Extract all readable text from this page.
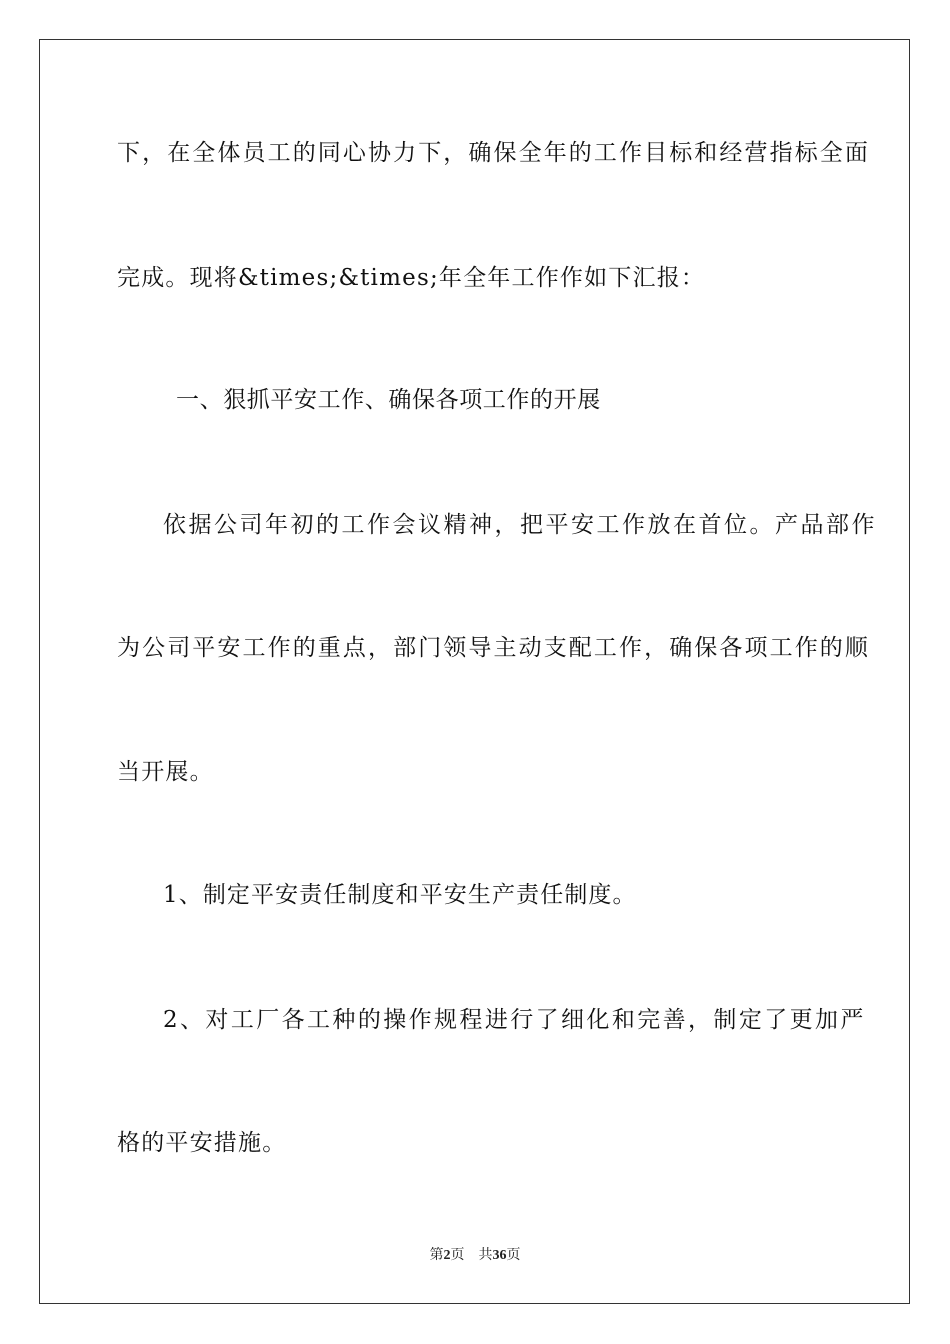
下，在全体员工的同心协力下，确保全年的工作目标和经营指标全面
完成。现将&times;&times;年全年工作作如下汇报：
一、狠抓平安工作、确保各项工作的开展
依据公司年初的工作会议精神，把平安工作放在首位。产品部作
为公司平安工作的重点，部门领导主动支配工作，确保各项工作的顺
当开展。
1、制定平安责任制度和平安生产责任制度。
2、对工厂各工种的操作规程进行了细化和完善，制定了更加严
格的平安措施。
第2页 共36页
